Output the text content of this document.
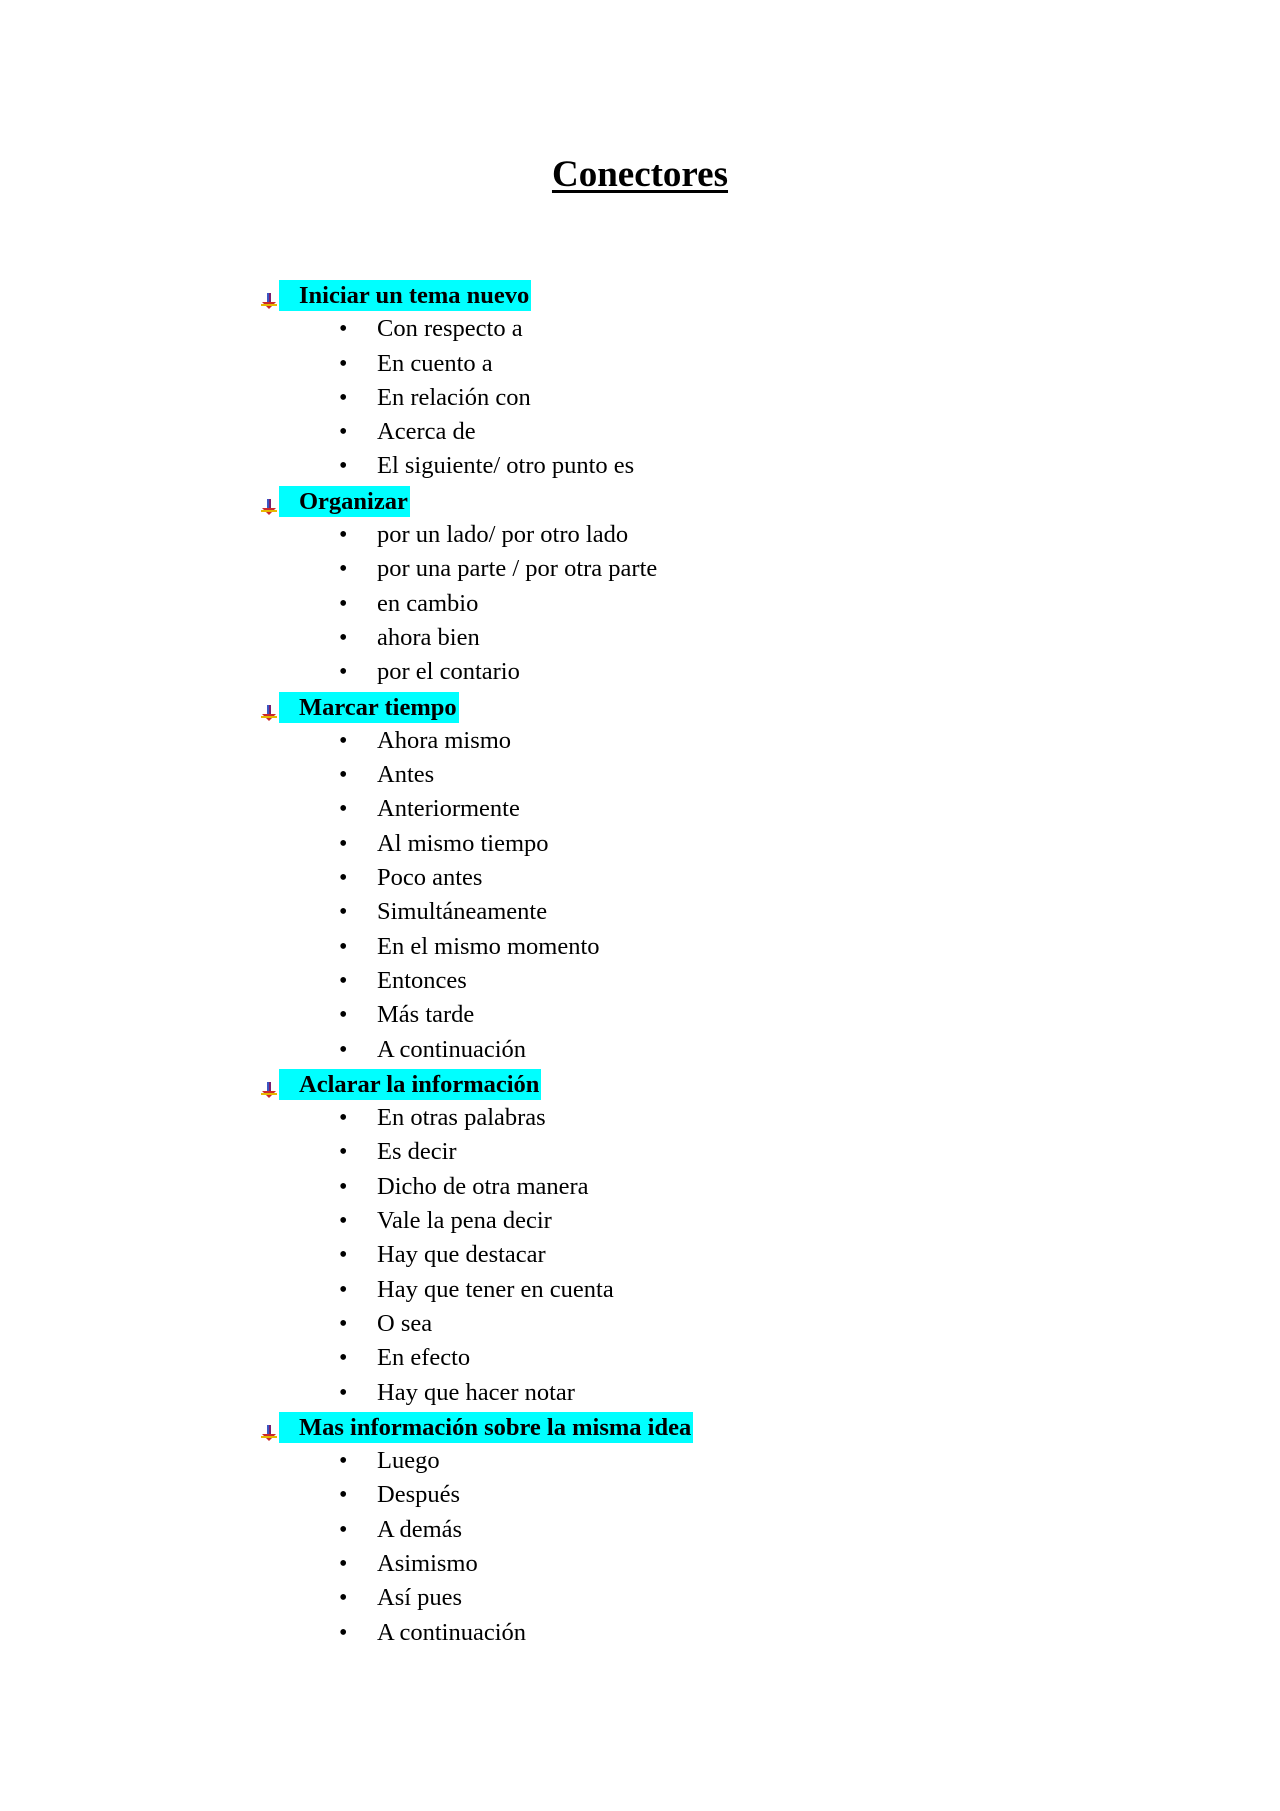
Conectores
Iniciar un tema nuevo
• Con respecto a
• En cuento a
• En relación con
• Acerca de
• El siguiente/ otro punto es
Organizar
• por un lado/ por otro lado
• por una parte / por otra parte
• en cambio
• ahora bien
• por el contario
Marcar tiempo
• Ahora mismo
• Antes
• Anteriormente
• Al mismo tiempo
• Poco antes
• Simultáneamente
• En el mismo momento
• Entonces
• Más tarde
• A continuación
Aclarar la información
• En otras palabras
• Es decir
• Dicho de otra manera
• Vale la pena decir
• Hay que destacar
• Hay que tener en cuenta
• O sea
• En efecto
• Hay que hacer notar
Mas información sobre la misma idea
• Luego
• Después
• A demás
• Asimismo
• Así pues
• A continuación
